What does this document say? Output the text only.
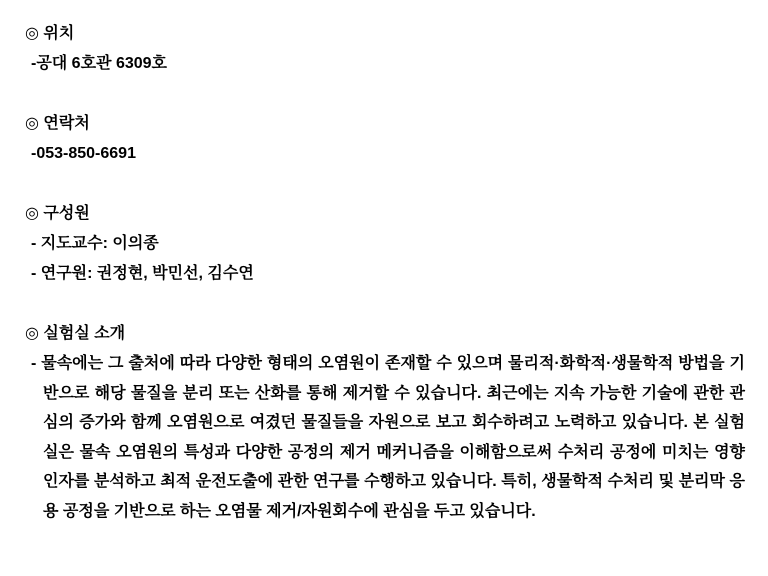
◎ 위치
-공대 6호관 6309호
◎ 연락처
-053-850-6691
◎ 구성원
- 지도교수: 이의종
- 연구원: 권정현, 박민선, 김수연
◎ 실험실 소개
- 물속에는 그 출처에 따라 다양한 형태의 오염원이 존재할 수 있으며 물리적·화학적·생물학적 방법을 기반으로 해당 물질을 분리 또는 산화를 통해 제거할 수 있습니다. 최근에는 지속 가능한 기술에 관한 관심의 증가와 함께 오염원으로 여겼던 물질들을 자원으로 보고 회수하려고 노력하고 있습니다. 본 실험실은 물속 오염원의 특성과 다양한 공정의 제거 메커니즘을 이해함으로써 수처리 공정에 미치는 영향인자를 분석하고 최적 운전도출에 관한 연구를 수행하고 있습니다. 특히, 생물학적 수처리 및 분리막 응용 공정을 기반으로 하는 오염물 제거/자원회수에 관심을 두고 있습니다.
